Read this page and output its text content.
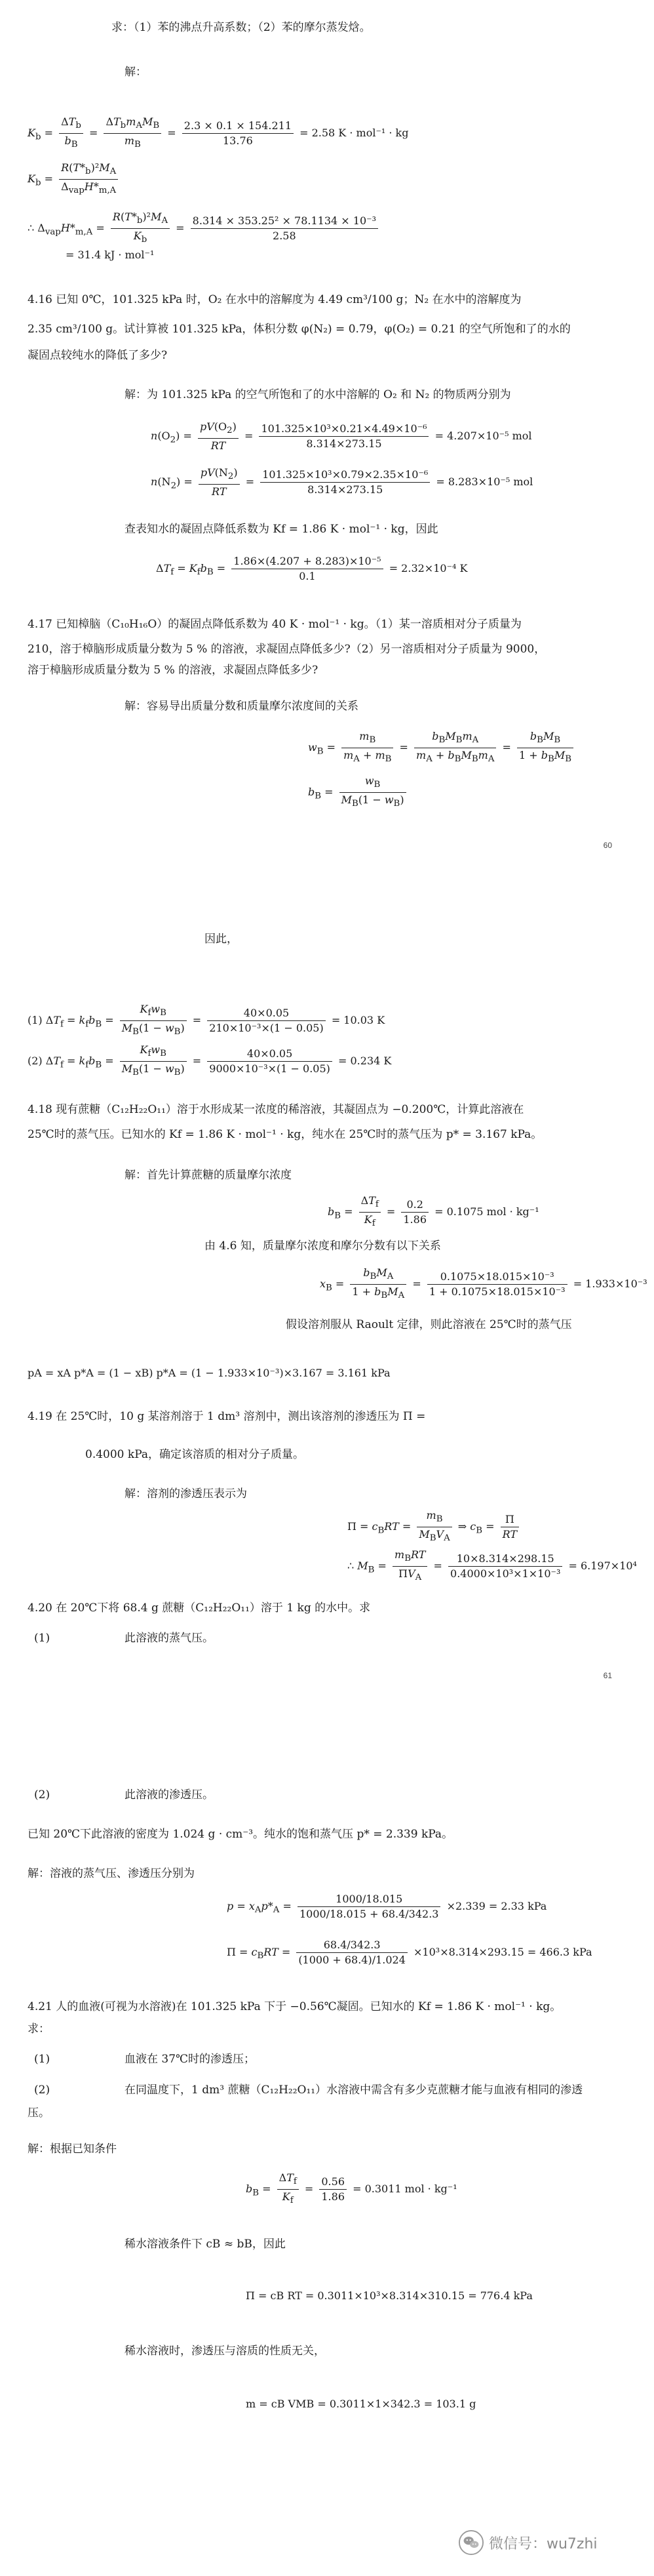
求：（1）苯的沸点升高系数；（2）苯的摩尔蒸发焓。
解：
$K_b = \frac{\Delta T_b}{b_B} = \frac{\Delta T_bm_AM_B}{m_B} = \frac{2.3 \times 0.1 \times 154.211}{13.76} = 2.58$ K · mol⁻¹ · kg
$K_b = \frac{R(T*_b)^2M_A}{\Delta_{vap}H*_{m,A}}$
∴ $\Delta_{vap}H*_{m,A} = \frac{R(T*_b)^2M_A}{K_b} = \frac{\text{8.314 × 353.25² × 78.1134 × 10⁻³}}{2.58}$
= 31.4 kJ · mol⁻¹
4.16 已知 0℃，101.325 kPa 时，O₂ 在水中的溶解度为 4.49 cm³/100 g；N₂ 在水中的溶解度为
2.35 cm³/100 g。试计算被 101.325 kPa，体积分数 φ(N₂) = 0.79，φ(O₂) = 0.21 的空气所饱和了的水的
凝固点较纯水的降低了多少?
解：为 101.325 kPa 的空气所饱和了的水中溶解的 O₂ 和 N₂ 的物质两分别为
$n(O_2) = \frac{pV(O_2)}{RT} = \frac{\text{101.325×10³×0.21×4.49×10⁻⁶}}{8.314\times 273.15} = 4.207\times 10^{-5}$ mol
$n(N_2) = \frac{pV(N_2)}{RT} = \frac{\text{101.325×10³×0.79×2.35×10⁻⁶}}{8.314\times 273.15} = 8.283\times 10^{-5}$ mol
查表知水的凝固点降低系数为 Kf = 1.86 K · mol⁻¹ · kg，因此
$\Delta T_f = K_fb_B = \frac{\text{1.86×(4.207 + 8.283)×10⁻⁵}}{0.1} = 2.32\times 10^{-4}$ K
4.17 已知樟脑（C₁₀H₁₆O）的凝固点降低系数为 40 K · mol⁻¹ · kg。（1）某一溶质相对分子质量为
210，溶于樟脑形成质量分数为 5 % 的溶液，求凝固点降低多少?（2）另一溶质相对分子质量为 9000，
溶于樟脑形成质量分数为 5 % 的溶液，求凝固点降低多少?
解：容易导出质量分数和质量摩尔浓度间的关系
$w_B = \frac{m_B}{m_A + m_B} = \frac{b_BM_Bm_A}{m_A + b_BM_Bm_A} = \frac{b_BM_B}{1 + b_BM_B}$
$b_B = \frac{w_B}{M_B(1 - w_B)}$
60
因此，
(1) $\Delta T_f = k_fb_B = \frac{K_fw_B}{M_B(1 - w_B)} = \frac{40\times 0.05}{\text{210×10⁻³×(1 − 0.05)}} = 10.03$ K
(2) $\Delta T_f = k_fb_B = \frac{K_fw_B}{M_B(1 - w_B)} = \frac{40\times 0.05}{\text{9000×10⁻³×(1 − 0.05)}} = 0.234$ K
4.18 现有蔗糖（C₁₂H₂₂O₁₁）溶于水形成某一浓度的稀溶液，其凝固点为 −0.200℃，计算此溶液在
25℃时的蒸气压。已知水的 Kf = 1.86 K · mol⁻¹ · kg，纯水在 25℃时的蒸气压为 p* = 3.167 kPa。
解：首先计算蔗糖的质量摩尔浓度
$b_B = \frac{\Delta T_f}{K_f} = \frac{0.2}{1.86} = 0.1075$ mol · kg⁻¹
由 4.6 知，质量摩尔浓度和摩尔分数有以下关系
$x_B = \frac{b_BM_A}{1 + b_BM_A} = \frac{\text{0.1075×18.015×10⁻³}}{\text{1 + 0.1075×18.015×10⁻³}} = 1.933\times 10^{-3}$
假设溶剂服从 Raoult 定律，则此溶液在 25℃时的蒸气压
pA = xA p*A = (1 − xB) p*A = (1 − 1.933×10⁻³)×3.167 = 3.161 kPa
4.19 在 25℃时，10 g 某溶剂溶于 1 dm³ 溶剂中，测出该溶剂的渗透压为 Π =
0.4000 kPa，确定该溶质的相对分子质量。
解：溶剂的渗透压表示为
$\Pi = c_BRT = \frac{m_B}{M_BV_A}$ ⇒ $c_B = \frac{\Pi}{RT}$
∴ $M_B = \frac{m_BRT}{\Pi V_A} = \frac{10\times 8.314\times 298.15}{\text{0.4000×10³×1×10⁻³}} = 6.197\times 10^4$
4.20 在 20℃下将 68.4 g 蔗糖（C₁₂H₂₂O₁₁）溶于 1 kg 的水中。求
(1)	此溶液的蒸气压。
61
(2)	此溶液的渗透压。
已知 20℃下此溶液的密度为 1.024 g · cm⁻³。纯水的饱和蒸气压 p* = 2.339 kPa。
解：溶液的蒸气压、渗透压分别为
$p = x_Ap*_A = \frac{1000/18.015}{1000/18.015 + 68.4/342.3} \times 2.339 = 2.33$ kPa
$\Pi = c_BRT = \frac{68.4/342.3}{(1000 + 68.4)/1.024} \times 10^3\times 8.314\times 293.15 = 466.3$ kPa
4.21 人的血液(可视为水溶液)在 101.325 kPa 下于 −0.56℃凝固。已知水的 Kf = 1.86 K · mol⁻¹ · kg。
求：
(1)	血液在 37℃时的渗透压；
(2)	在同温度下，1 dm³ 蔗糖（C₁₂H₂₂O₁₁）水溶液中需含有多少克蔗糖才能与血液有相同的渗透
压。
解：根据已知条件
$b_B = \frac{\Delta T_f}{K_f} = \frac{0.56}{1.86} = 0.3011$ mol · kg⁻¹
稀水溶液条件下 cB ≈ bB，因此
Π = cB RT = 0.3011×10³×8.314×310.15 = 776.4 kPa
稀水溶液时，渗透压与溶质的性质无关，
m = cB VMB = 0.3011×1×342.3 = 103.1 g
微信号：wu7zhi
